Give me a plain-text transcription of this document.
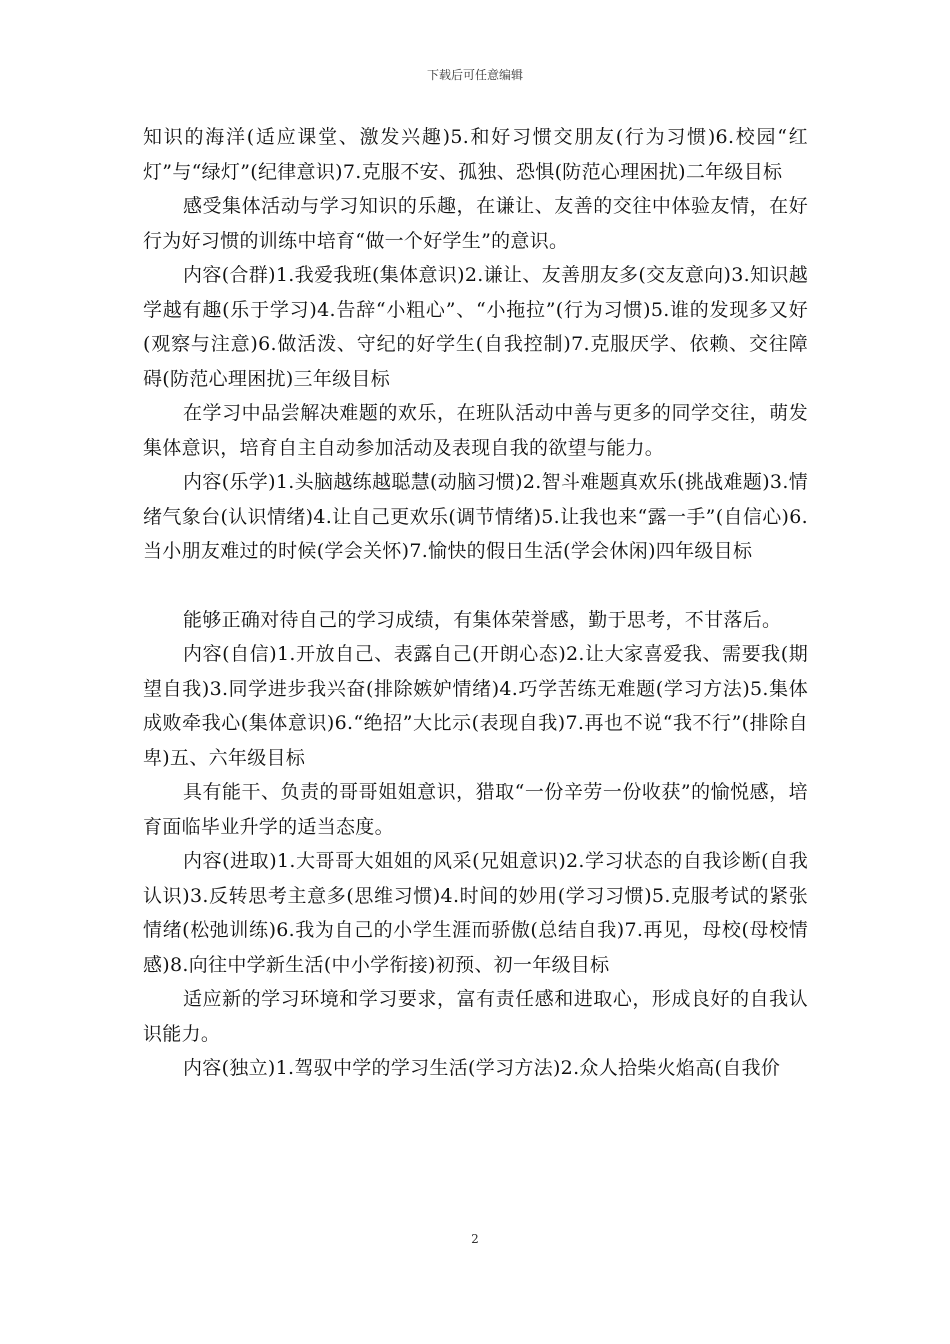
下载后可任意编辑

知识的海洋(适应课堂、激发兴趣)5.和好习惯交朋友(行为习惯)6.校园“红灯”与“绿灯”(纪律意识)7.克服不安、孤独、恐惧(防范心理困扰)二年级目标

感受集体活动与学习知识的乐趣，在谦让、友善的交往中体验友情，在好行为好习惯的训练中培育“做一个好学生”的意识。

内容(合群)1.我爱我班(集体意识)2.谦让、友善朋友多(交友意向)3.知识越学越有趣(乐于学习)4.告辞“小粗心”、“小拖拉”(行为习惯)5.谁的发现多又好(观察与注意)6.做活泼、守纪的好学生(自我控制)7.克服厌学、依赖、交往障碍(防范心理困扰)三年级目标

在学习中品尝解决难题的欢乐，在班队活动中善与更多的同学交往，萌发集体意识，培育自主自动参加活动及表现自我的欲望与能力。

内容(乐学)1.头脑越练越聪慧(动脑习惯)2.智斗难题真欢乐(挑战难题)3.情绪气象台(认识情绪)4.让自己更欢乐(调节情绪)5.让我也来“露一手”(自信心)6.当小朋友难过的时候(学会关怀)7.愉快的假日生活(学会休闲)四年级目标

能够正确对待自己的学习成绩，有集体荣誉感，勤于思考，不甘落后。

内容(自信)1.开放自己、表露自己(开朗心态)2.让大家喜爱我、需要我(期望自我)3.同学进步我兴奋(排除嫉妒情绪)4.巧学苦练无难题(学习方法)5.集体成败牵我心(集体意识)6.“绝招”大比示(表现自我)7.再也不说“我不行”(排除自卑)五、六年级目标

具有能干、负责的哥哥姐姐意识，猎取“一份辛劳一份收获”的愉悦感，培育面临毕业升学的适当态度。

内容(进取)1.大哥哥大姐姐的风采(兄姐意识)2.学习状态的自我诊断(自我认识)3.反转思考主意多(思维习惯)4.时间的妙用(学习习惯)5.克服考试的紧张情绪(松弛训练)6.我为自己的小学生涯而骄傲(总结自我)7.再见，母校(母校情感)8.向往中学新生活(中小学衔接)初预、初一年级目标

适应新的学习环境和学习要求，富有责任感和进取心，形成良好的自我认识能力。

内容(独立)1.驾驭中学的学习生活(学习方法)2.众人拾柴火焰高(自我价

2
